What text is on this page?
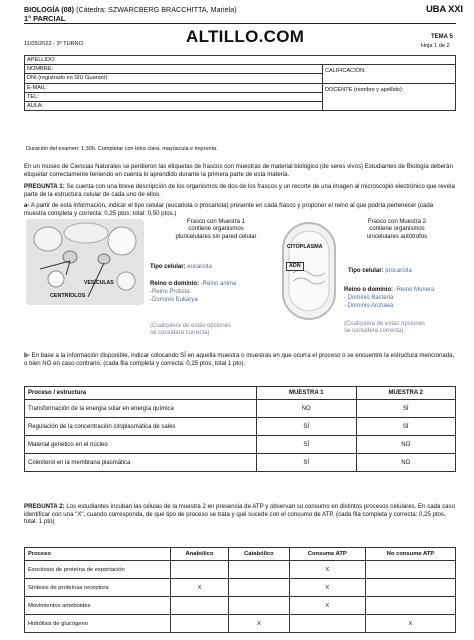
BIOLOGÍA (08) (Cátedra: SZWARCBERG BRACCHITTA, Mariela)
1° PARCIAL
UBA XXI
11/05/2022 - 3º TURNO	ALTILLO.COM	TEMA 5
Hoja 1 de 2
APELLIDO:	
NOMBRE:	CALIFICACIÓN:
DNI (registrado en SIU Guaraní):	
E-MAIL:	DOCENTE (nombre y apellido):
TEL:	
AULA:	
Duración del examen: 1:30h. Completar con letra clara, mayúscula e imprenta.
En un museo de Ciencias Naturales se perdieron las etiquetas de frascos con muestras de material biológico (de seres vivos) Estudiantes de Biología deberán etiquetar correctamente teniendo en cuenta lo aprendido durante la primera parte de esta materia.
PREGUNTA 1: Se cuenta con una breve descripción de los organismos de dos de los frascos y un recorte de una imagen al microscopio electrónico que revela parte de la estructura celular de cada uno de ellos.
a- A partir de esta información, indicar el tipo celular (eucariota o procariota) presente en cada frasco y proponer el reino al que podría pertenecer (cada muestra completa y correcta: 0,25 ptos; total: 0,50 ptos.)
VESÍCULAS
CENTRÍOLOS
Frasco con Muestra 1
contiene organismos
pluricelulares sin pared celular
Tipo celular: eucariota
Reino o dominio: -Reino anima
-Reino Protista
-Dominio Eukarya
(Cualquiera de estas opciones
se considera correcta)
CITOPLASMA
ADN
Frasco con Muestra 2
contiene organismos
unicelulares autótrofos
Tipo celular: procariota
Reino o dominio: -Reino Monera
- Dominio Bacteria
- Dominio Archaea
(Cualquiera de estas opciones
se considera correcta)
b- En base a la información disponible, indicar colocando SÍ en aquella muestra o muestras en que ocurra el proceso o se encuentre la estructura mencionada, o bien NO en caso contrario. (cada fila completa y correcta: 0,25 ptos; total 1 pto).
Proceso / estructura	MUESTRA 1	MUESTRA 2
Transformación de la energía solar en energía química	NO	SÍ
Regulación de la concentración citoplasmática de sales	SÍ	SÍ
Material genético en el núcleo	SÍ	NO
Colesterol en la membrana plasmática	SÍ	NO
PREGUNTA 2: Los estudiantes incuban las células de la muestra 2 en presencia de ATP y observan su consumo en distintos procesos celulares. En cada caso identificar con una "X", cuando corresponda, de qué tipo de proceso se trata y qué sucede con el consumo de ATP. (cada fila completa y correcta: 0,25 ptos, total: 1 pto)
Proceso	Anabólico	Catabólico	Consume ATP	No consume ATP
Exocitosis de proteína de exportación			X	
Síntesis de proteínas receptora	X		X	
Movimientos ameboides			X	
Hidrólisis de glucógeno		X		X
